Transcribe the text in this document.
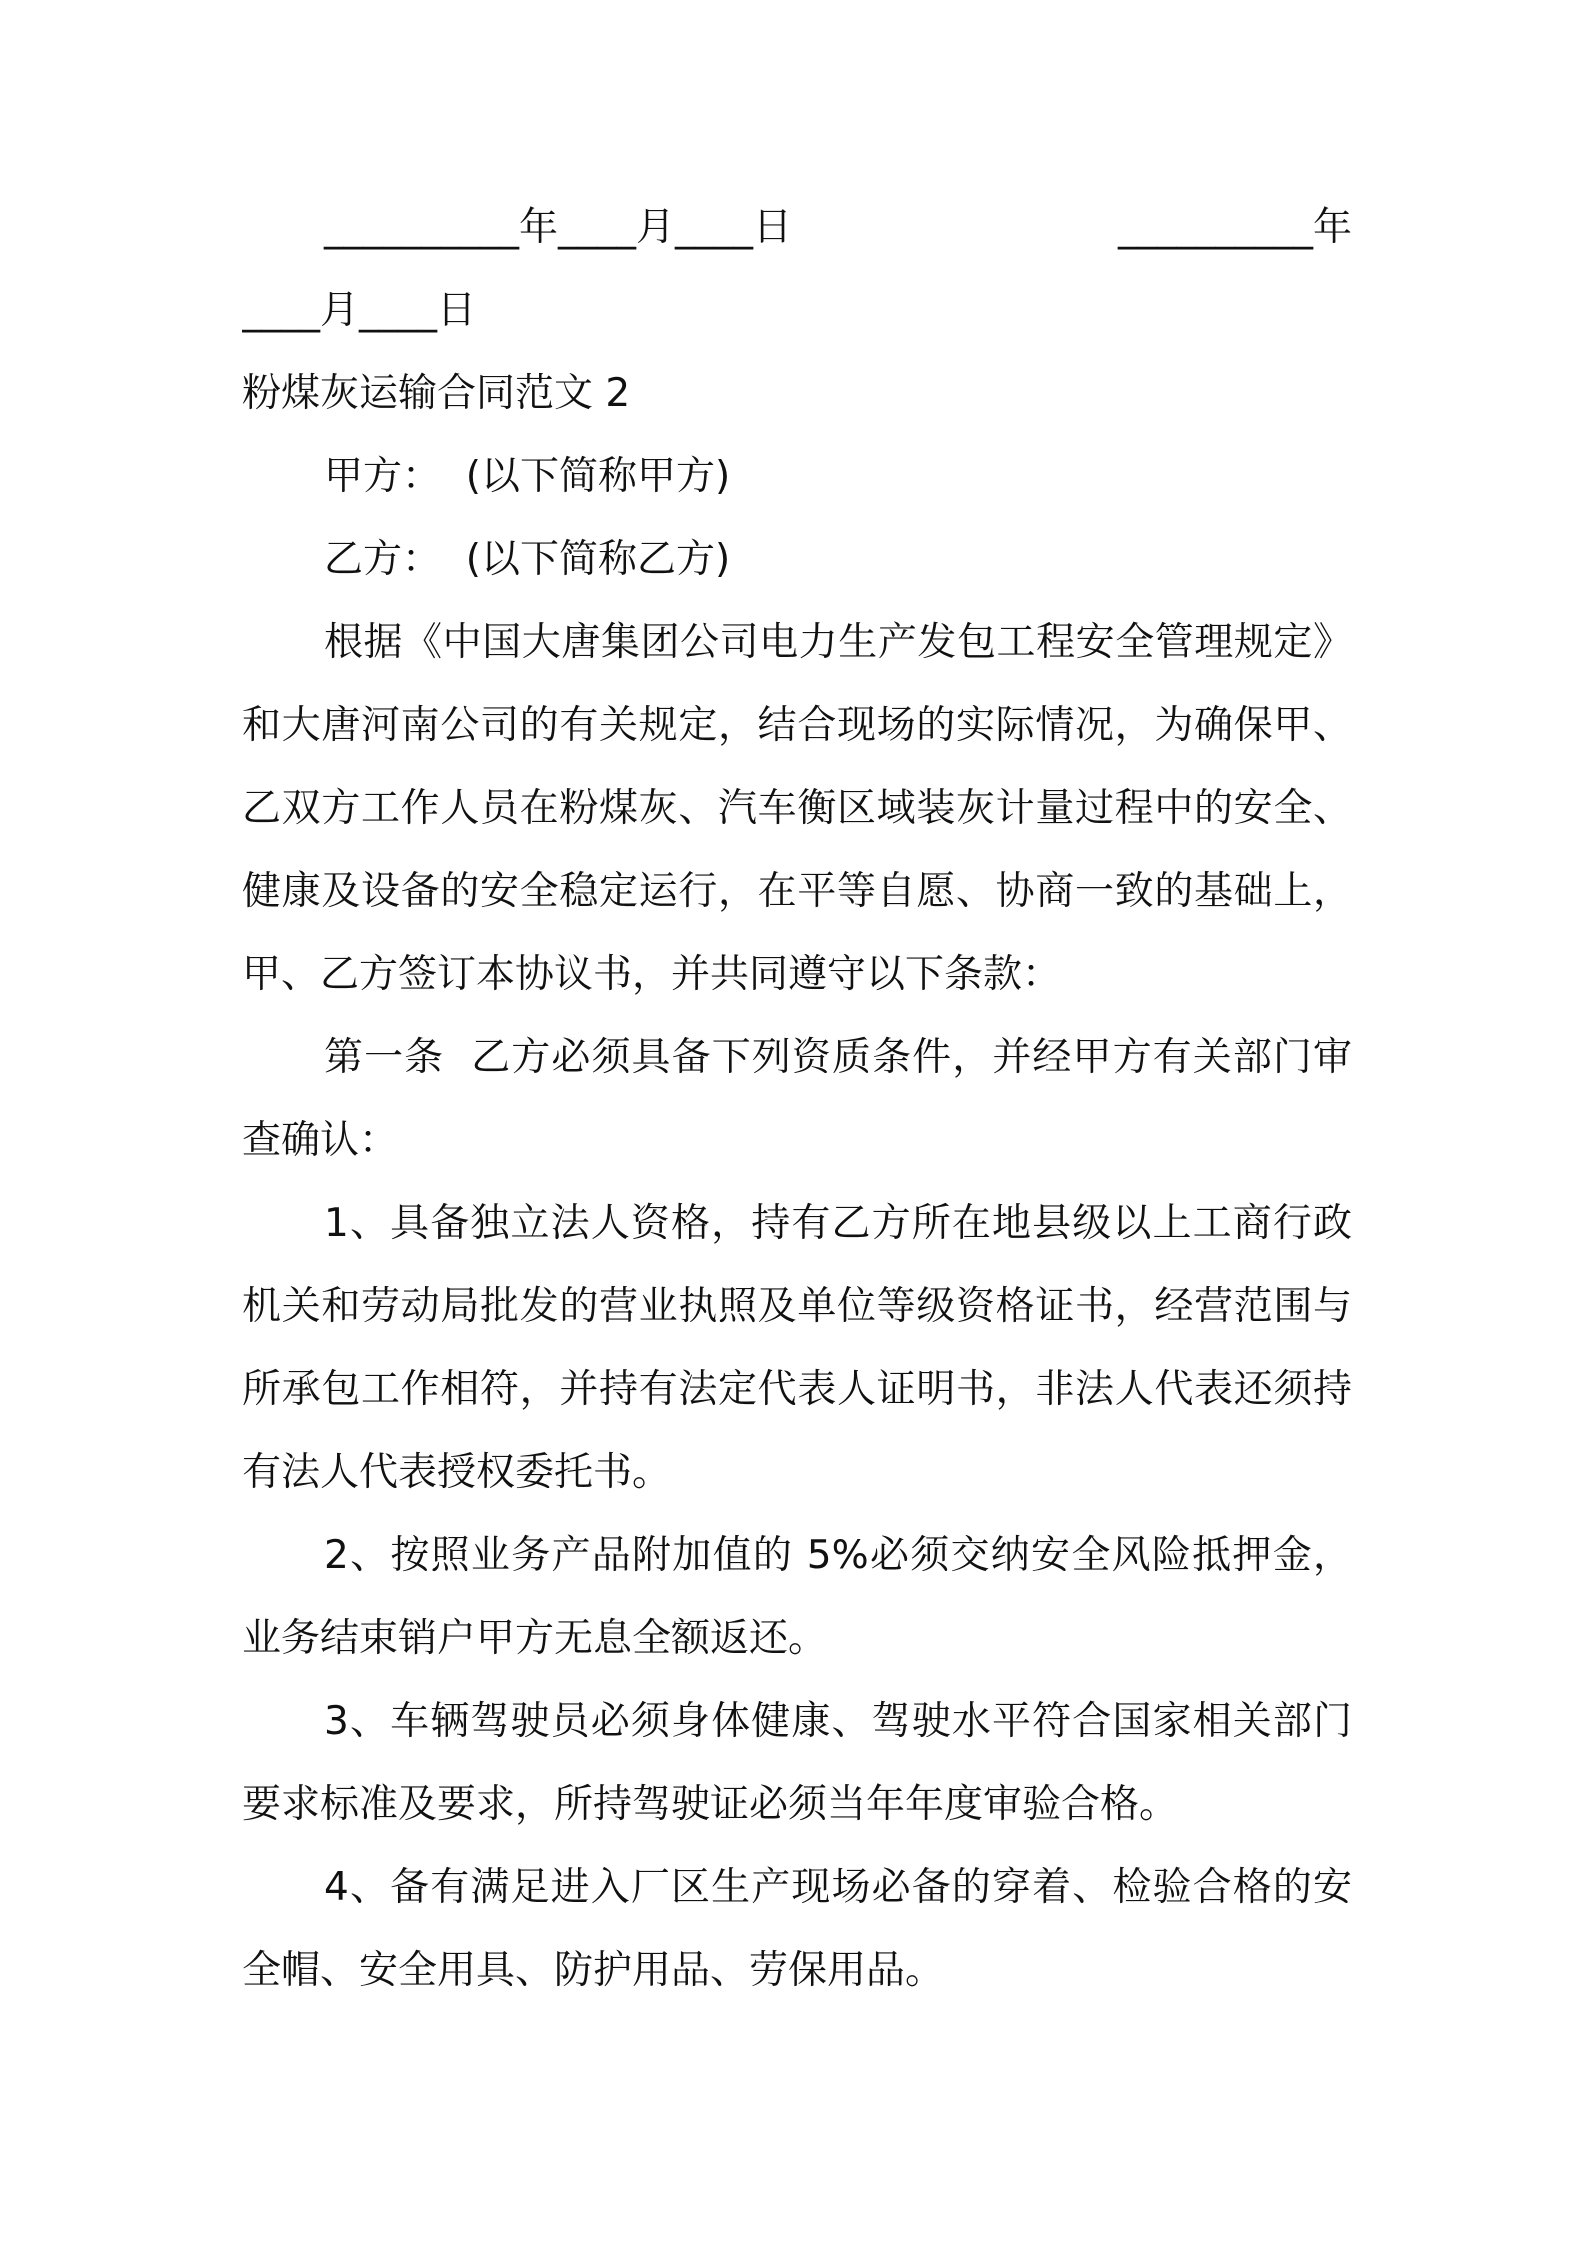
__________年____月____日	__________年
____月____日
粉煤灰运输合同范文 2
甲方：  (以下简称甲方)
乙方：  (以下简称乙方)
根据《中国大唐集团公司电力生产发包工程安全管理规定》
和大唐河南公司的有关规定，结合现场的实际情况，为确保甲、
乙双方工作人员在粉煤灰、汽车衡区域装灰计量过程中的安全、
健康及设备的安全稳定运行，在平等自愿、协商一致的基础上，
甲、乙方签订本协议书，并共同遵守以下条款：
第一条  乙方必须具备下列资质条件，并经甲方有关部门审
查确认：
1、具备独立法人资格，持有乙方所在地县级以上工商行政
机关和劳动局批发的营业执照及单位等级资格证书，经营范围与
所承包工作相符，并持有法定代表人证明书，非法人代表还须持
有法人代表授权委托书。
2、按照业务产品附加值的 5%必须交纳安全风险抵押金，
业务结束销户甲方无息全额返还。
3、车辆驾驶员必须身体健康、驾驶水平符合国家相关部门
要求标准及要求，所持驾驶证必须当年年度审验合格。
4、备有满足进入厂区生产现场必备的穿着、检验合格的安
全帽、安全用具、防护用品、劳保用品。
